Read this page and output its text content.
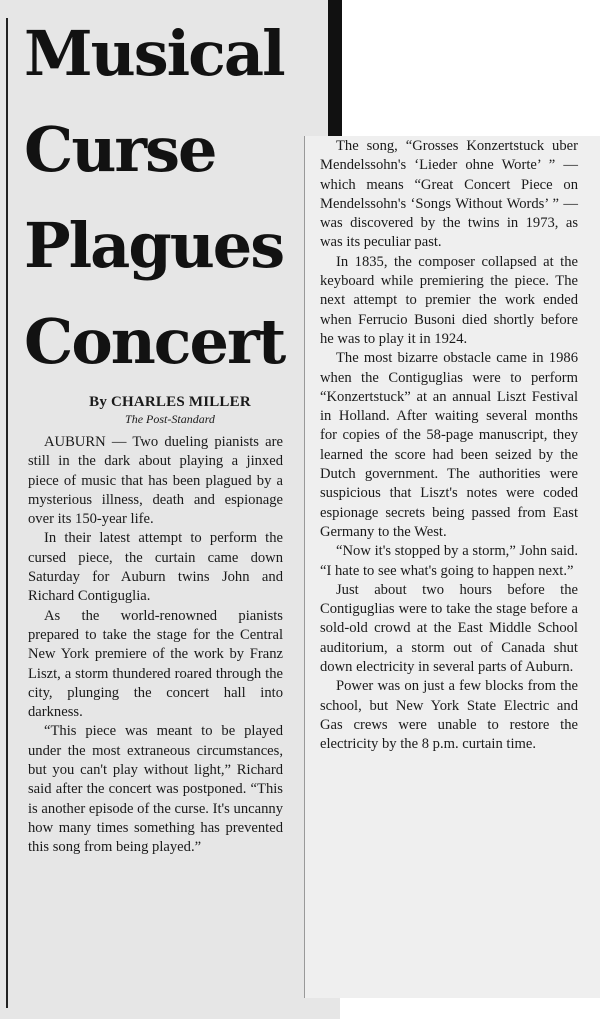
Musical
Curse
Plagues
Concert
By CHARLES MILLER
The Post-Standard

AUBURN — Two dueling pianists are still in the dark about playing a jinxed piece of music that has been plagued by a mysterious illness, death and espionage over its 150-year life.

In their latest attempt to perform the cursed piece, the curtain came down Saturday for Auburn twins John and Richard Contiguglia.

As the world-renowned pianists prepared to take the stage for the Central New York premiere of the work by Franz Liszt, a storm thundered roared through the city, plunging the concert hall into darkness.

“This piece was meant to be played under the most extraneous circumstances, but you can't play without light,” Richard said after the concert was postponed. “This is another episode of the curse. It's uncanny how many times something has prevented this song from being played.”

The song, “Grosses Konzertstuck uber Mendelssohn's ‘Lieder ohne Worte’ ” — which means “Great Concert Piece on Mendelssohn's ‘Songs Without Words’ ” — was discovered by the twins in 1973, as was its peculiar past.

In 1835, the composer collapsed at the keyboard while premiering the piece. The next attempt to premier the work ended when Ferrucio Busoni died shortly before he was to play it in 1924.

The most bizarre obstacle came in 1986 when the Contiguglias were to perform “Konzertstuck” at an annual Liszt Festival in Holland. After waiting several months for copies of the 58-page manuscript, they learned the score had been seized by the Dutch government. The authorities were suspicious that Liszt's notes were coded espionage secrets being passed from East Germany to the West.

“Now it's stopped by a storm,” John said. “I hate to see what's going to happen next.”

Just about two hours before the Contiguglias were to take the stage before a sold-old crowd at the East Middle School auditorium, a storm out of Canada shut down electricity in several parts of Auburn.

Power was on just a few blocks from the school, but New York State Electric and Gas crews were unable to restore the electricity by the 8 p.m. curtain time.
